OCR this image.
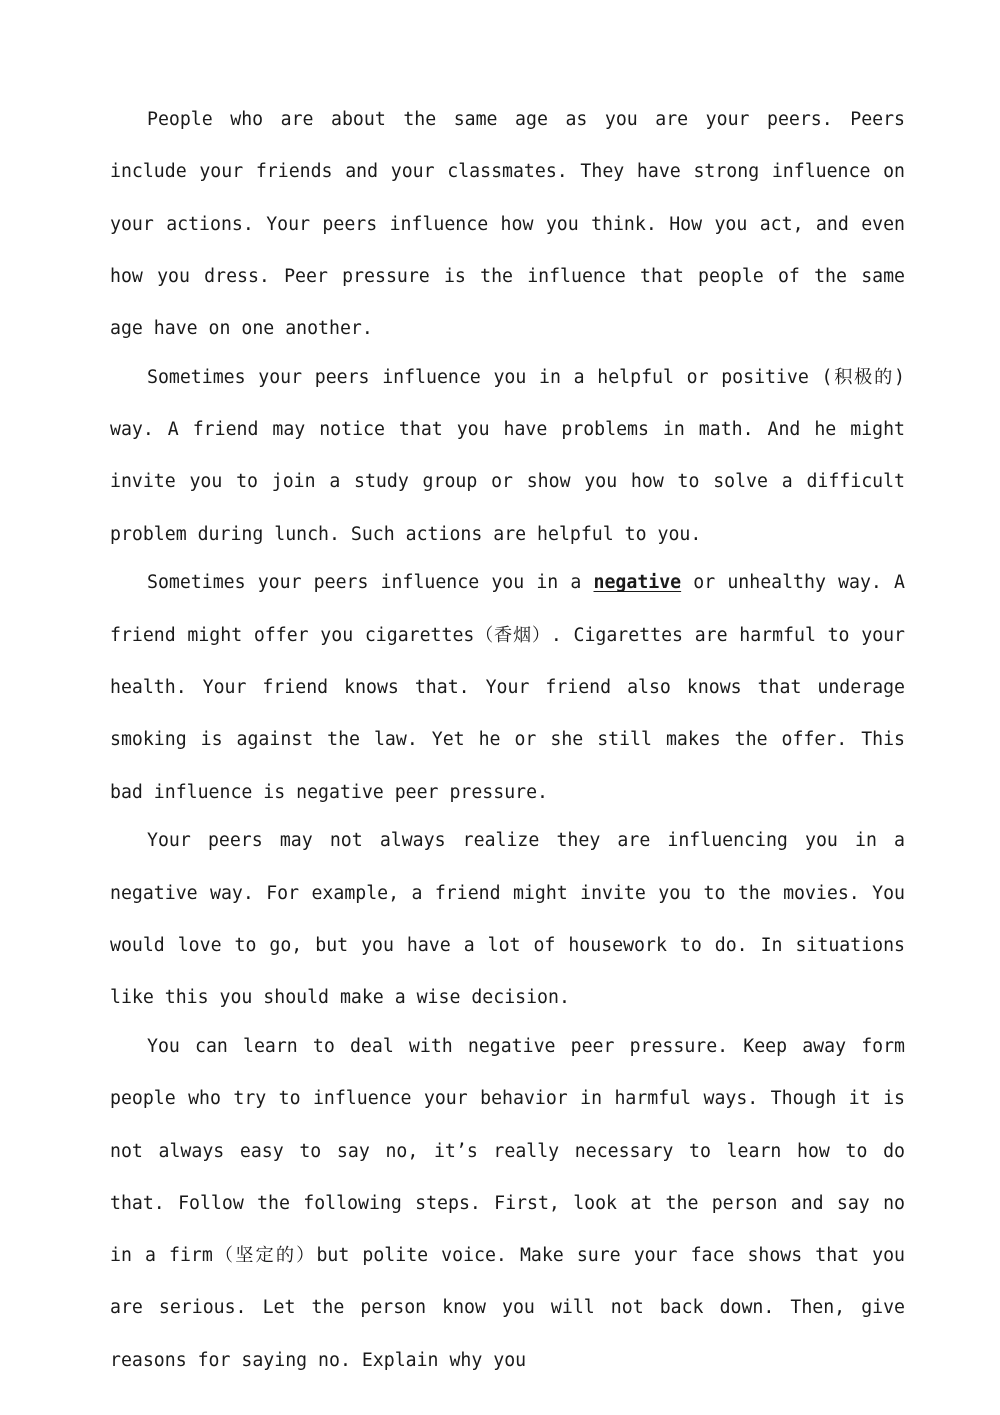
People who are about the same age as you are your peers. Peers include your friends and your classmates. They have strong influence on your actions. Your peers influence how you think. How you act, and even how you dress. Peer pressure is the influence that people of the same age have on one another.

Sometimes your peers influence you in a helpful or positive (积极的) way. A friend may notice that you have problems in math. And he might invite you to join a study group or show you how to solve a difficult problem during lunch. Such actions are helpful to you.

Sometimes your peers influence you in a negative or unhealthy way. A friend might offer you cigarettes（香烟）. Cigarettes are harmful to your health. Your friend knows that. Your friend also knows that underage smoking is against the law. Yet he or she still makes the offer. This bad influence is negative peer pressure.

Your peers may not always realize they are influencing you in a negative way. For example, a friend might invite you to the movies. You would love to go, but you have a lot of housework to do. In situations like this you should make a wise decision.

You can learn to deal with negative peer pressure. Keep away form people who try to influence your behavior in harmful ways. Though it is not always easy to say no, it’s really necessary to learn how to do that. Follow the following steps. First, look at the person and say no in a firm（坚定的）but polite voice. Make sure your face shows that you are serious. Let the person know you will not back down. Then, give reasons for saying no. Explain why you
